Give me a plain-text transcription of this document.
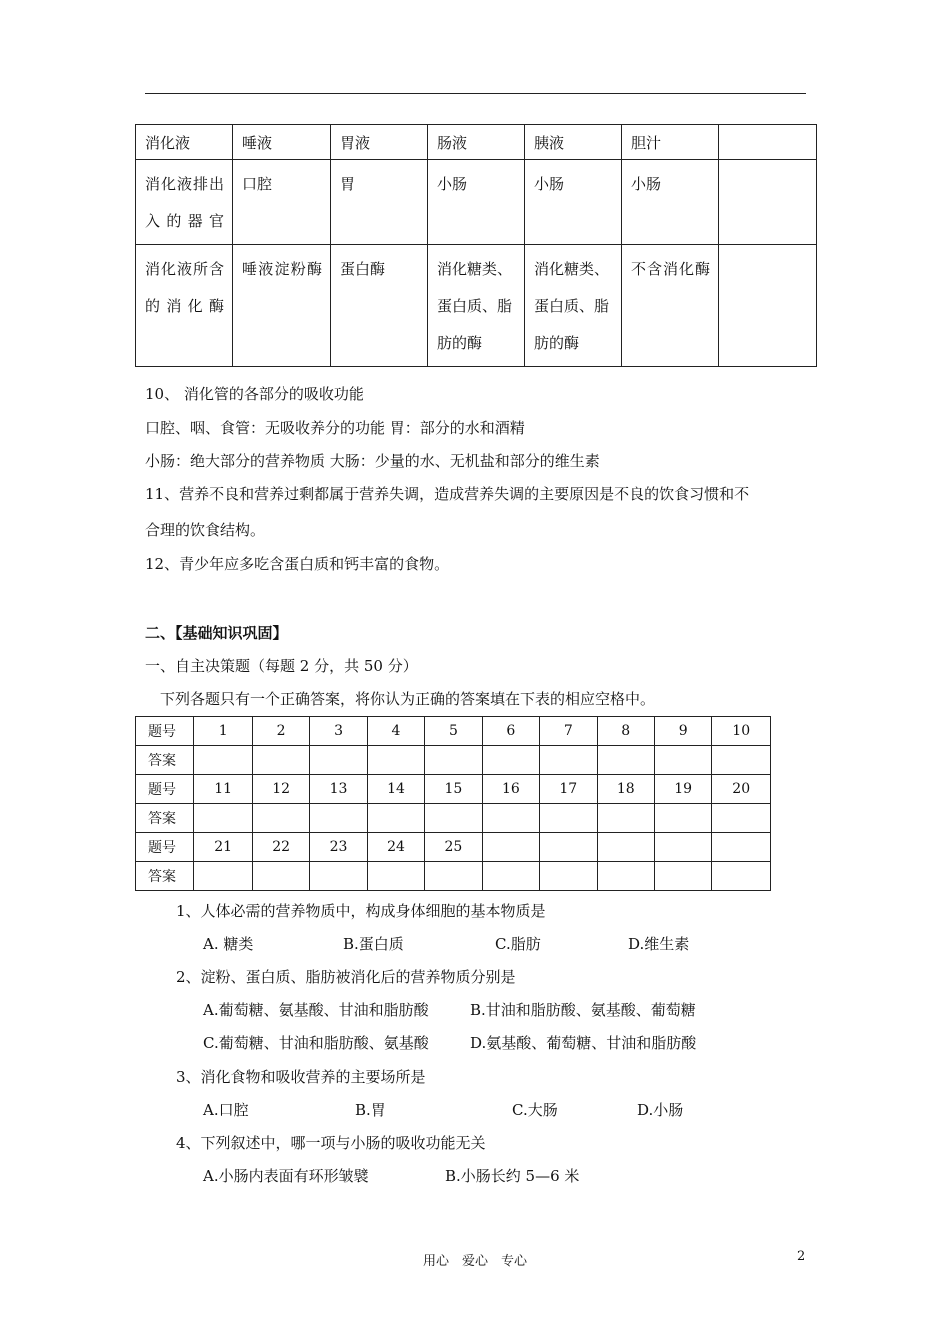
消化液	唾液	胃液	肠液	胰液	胆汁	
消化液排出入的器官	口腔	胃	小肠	小肠	小肠	
消化液所含的消化酶	唾液淀粉酶	蛋白酶	消化糖类、蛋白质、脂肪的酶	消化糖类、蛋白质、脂肪的酶	不含消化酶	
10、 消化管的各部分的吸收功能
口腔、咽、食管：无吸收养分的功能 胃：部分的水和酒精
小肠：绝大部分的营养物质 大肠：少量的水、无机盐和部分的维生素
11、营养不良和营养过剩都属于营养失调，造成营养失调的主要原因是不良的饮食习惯和不
合理的饮食结构。
12、青少年应多吃含蛋白质和钙丰富的食物。
二、【基础知识巩固】
一、自主决策题（每题 2 分，共 50 分）
下列各题只有一个正确答案，将你认为正确的答案填在下表的相应空格中。
题号	1	2	3	4	5	6	7	8	9	10
答案										
题号	11	12	13	14	15	16	17	18	19	20
答案										
题号	21	22	23	24	25					
答案										
1、人体必需的营养物质中，构成身体细胞的基本物质是
A. 糖类	B.蛋白质	C.脂肪	D.维生素
2、淀粉、蛋白质、脂肪被消化后的营养物质分别是
A.葡萄糖、氨基酸、甘油和脂肪酸	B.甘油和脂肪酸、氨基酸、葡萄糖
C.葡萄糖、甘油和脂肪酸、氨基酸	D.氨基酸、葡萄糖、甘油和脂肪酸
3、消化食物和吸收营养的主要场所是
A.口腔	B.胃	C.大肠	D.小肠
4、下列叙述中，哪一项与小肠的吸收功能无关
A.小肠内表面有环形皱襞	B.小肠长约 5—6 米
用心　爱心　专心	2
